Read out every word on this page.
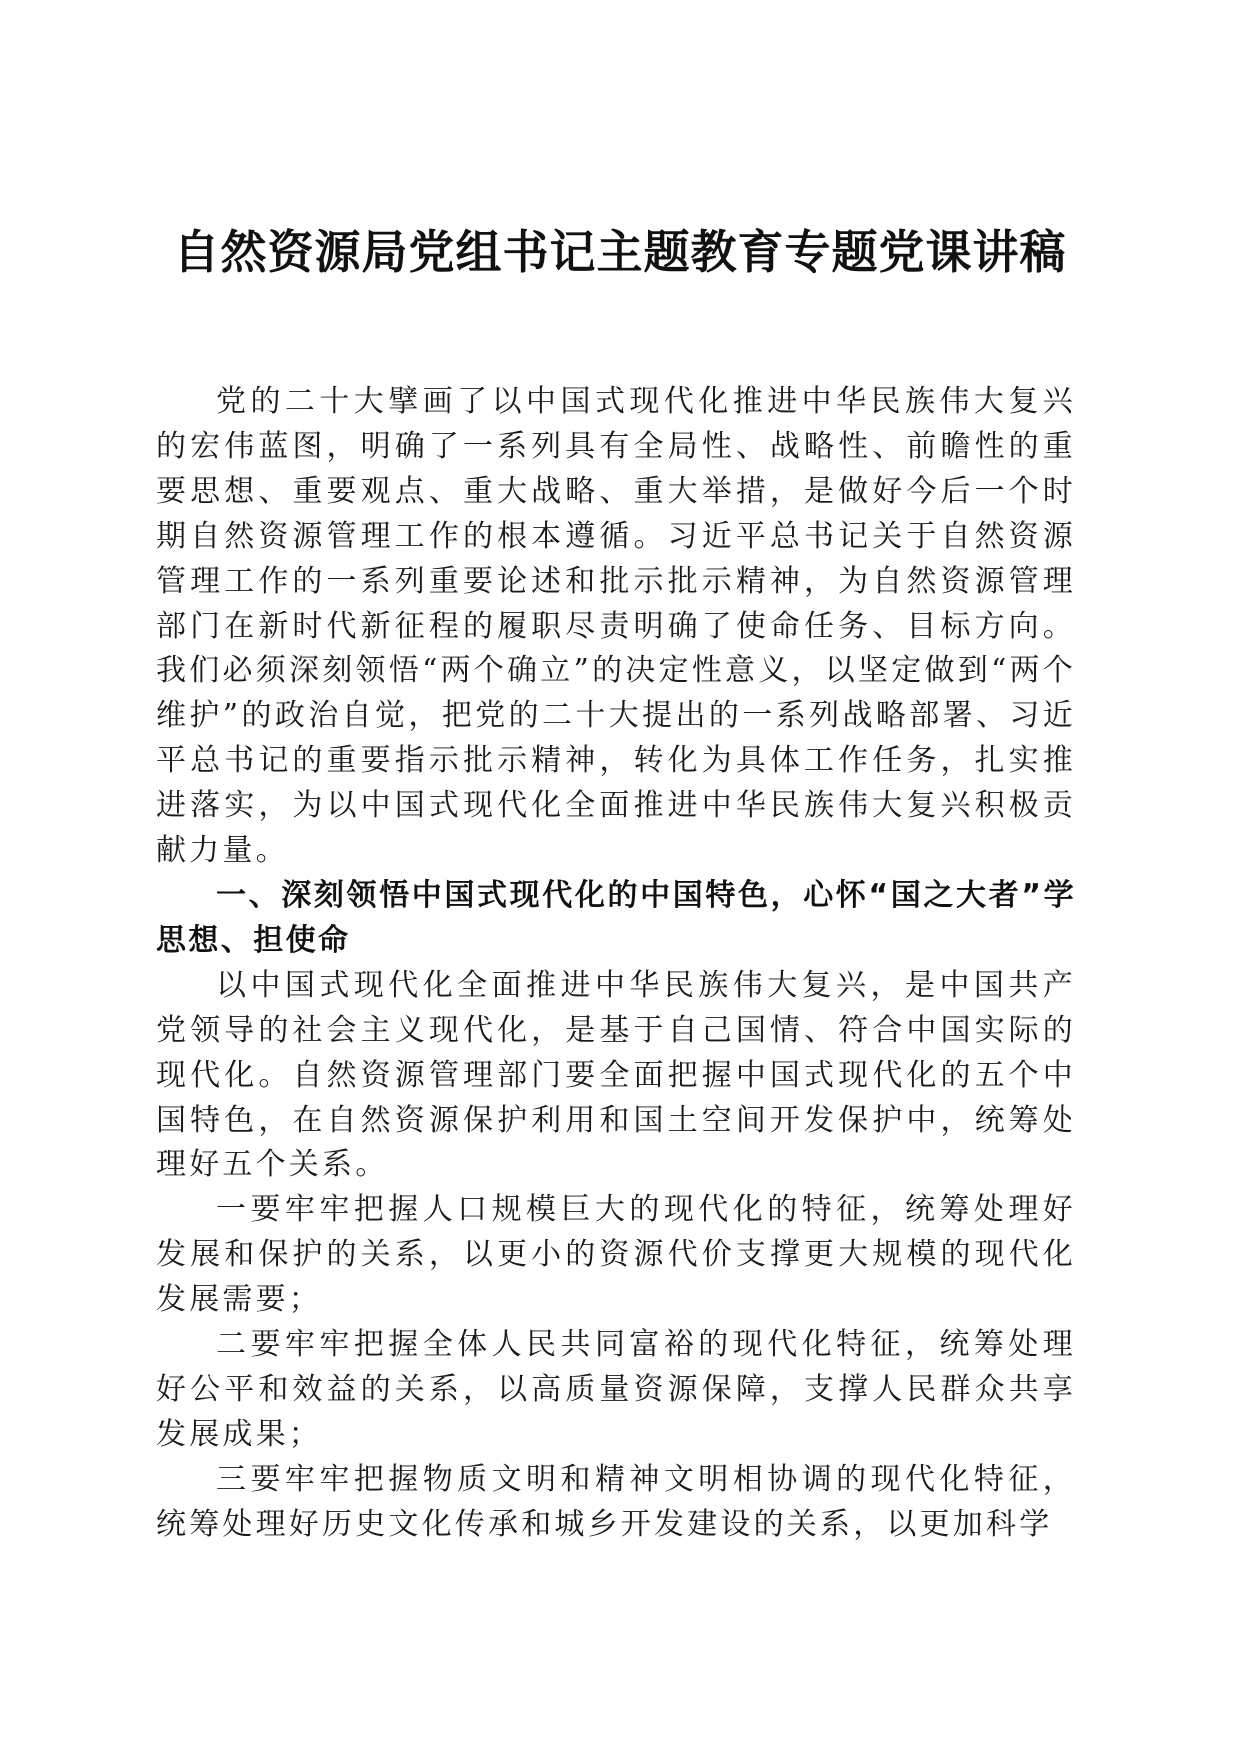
自然资源局党组书记主题教育专题党课讲稿

党的二十大擘画了以中国式现代化推进中华民族伟大复兴的宏伟蓝图，明确了一系列具有全局性、战略性、前瞻性的重要思想、重要观点、重大战略、重大举措，是做好今后一个时期自然资源管理工作的根本遵循。习近平总书记关于自然资源管理工作的一系列重要论述和批示批示精神，为自然资源管理部门在新时代新征程的履职尽责明确了使命任务、目标方向。我们必须深刻领悟“两个确立”的决定性意义，以坚定做到“两个维护”的政治自觉，把党的二十大提出的一系列战略部署、习近平总书记的重要指示批示精神，转化为具体工作任务，扎实推进落实，为以中国式现代化全面推进中华民族伟大复兴积极贡献力量。

一、深刻领悟中国式现代化的中国特色，心怀“国之大者”学思想、担使命

以中国式现代化全面推进中华民族伟大复兴，是中国共产党领导的社会主义现代化，是基于自己国情、符合中国实际的现代化。自然资源管理部门要全面把握中国式现代化的五个中国特色，在自然资源保护利用和国土空间开发保护中，统筹处理好五个关系。

一要牢牢把握人口规模巨大的现代化的特征，统筹处理好发展和保护的关系，以更小的资源代价支撑更大规模的现代化发展需要；

二要牢牢把握全体人民共同富裕的现代化特征，统筹处理好公平和效益的关系，以高质量资源保障，支撑人民群众共享发展成果；

三要牢牢把握物质文明和精神文明相协调的现代化特征，统筹处理好历史文化传承和城乡开发建设的关系，以更加科学
